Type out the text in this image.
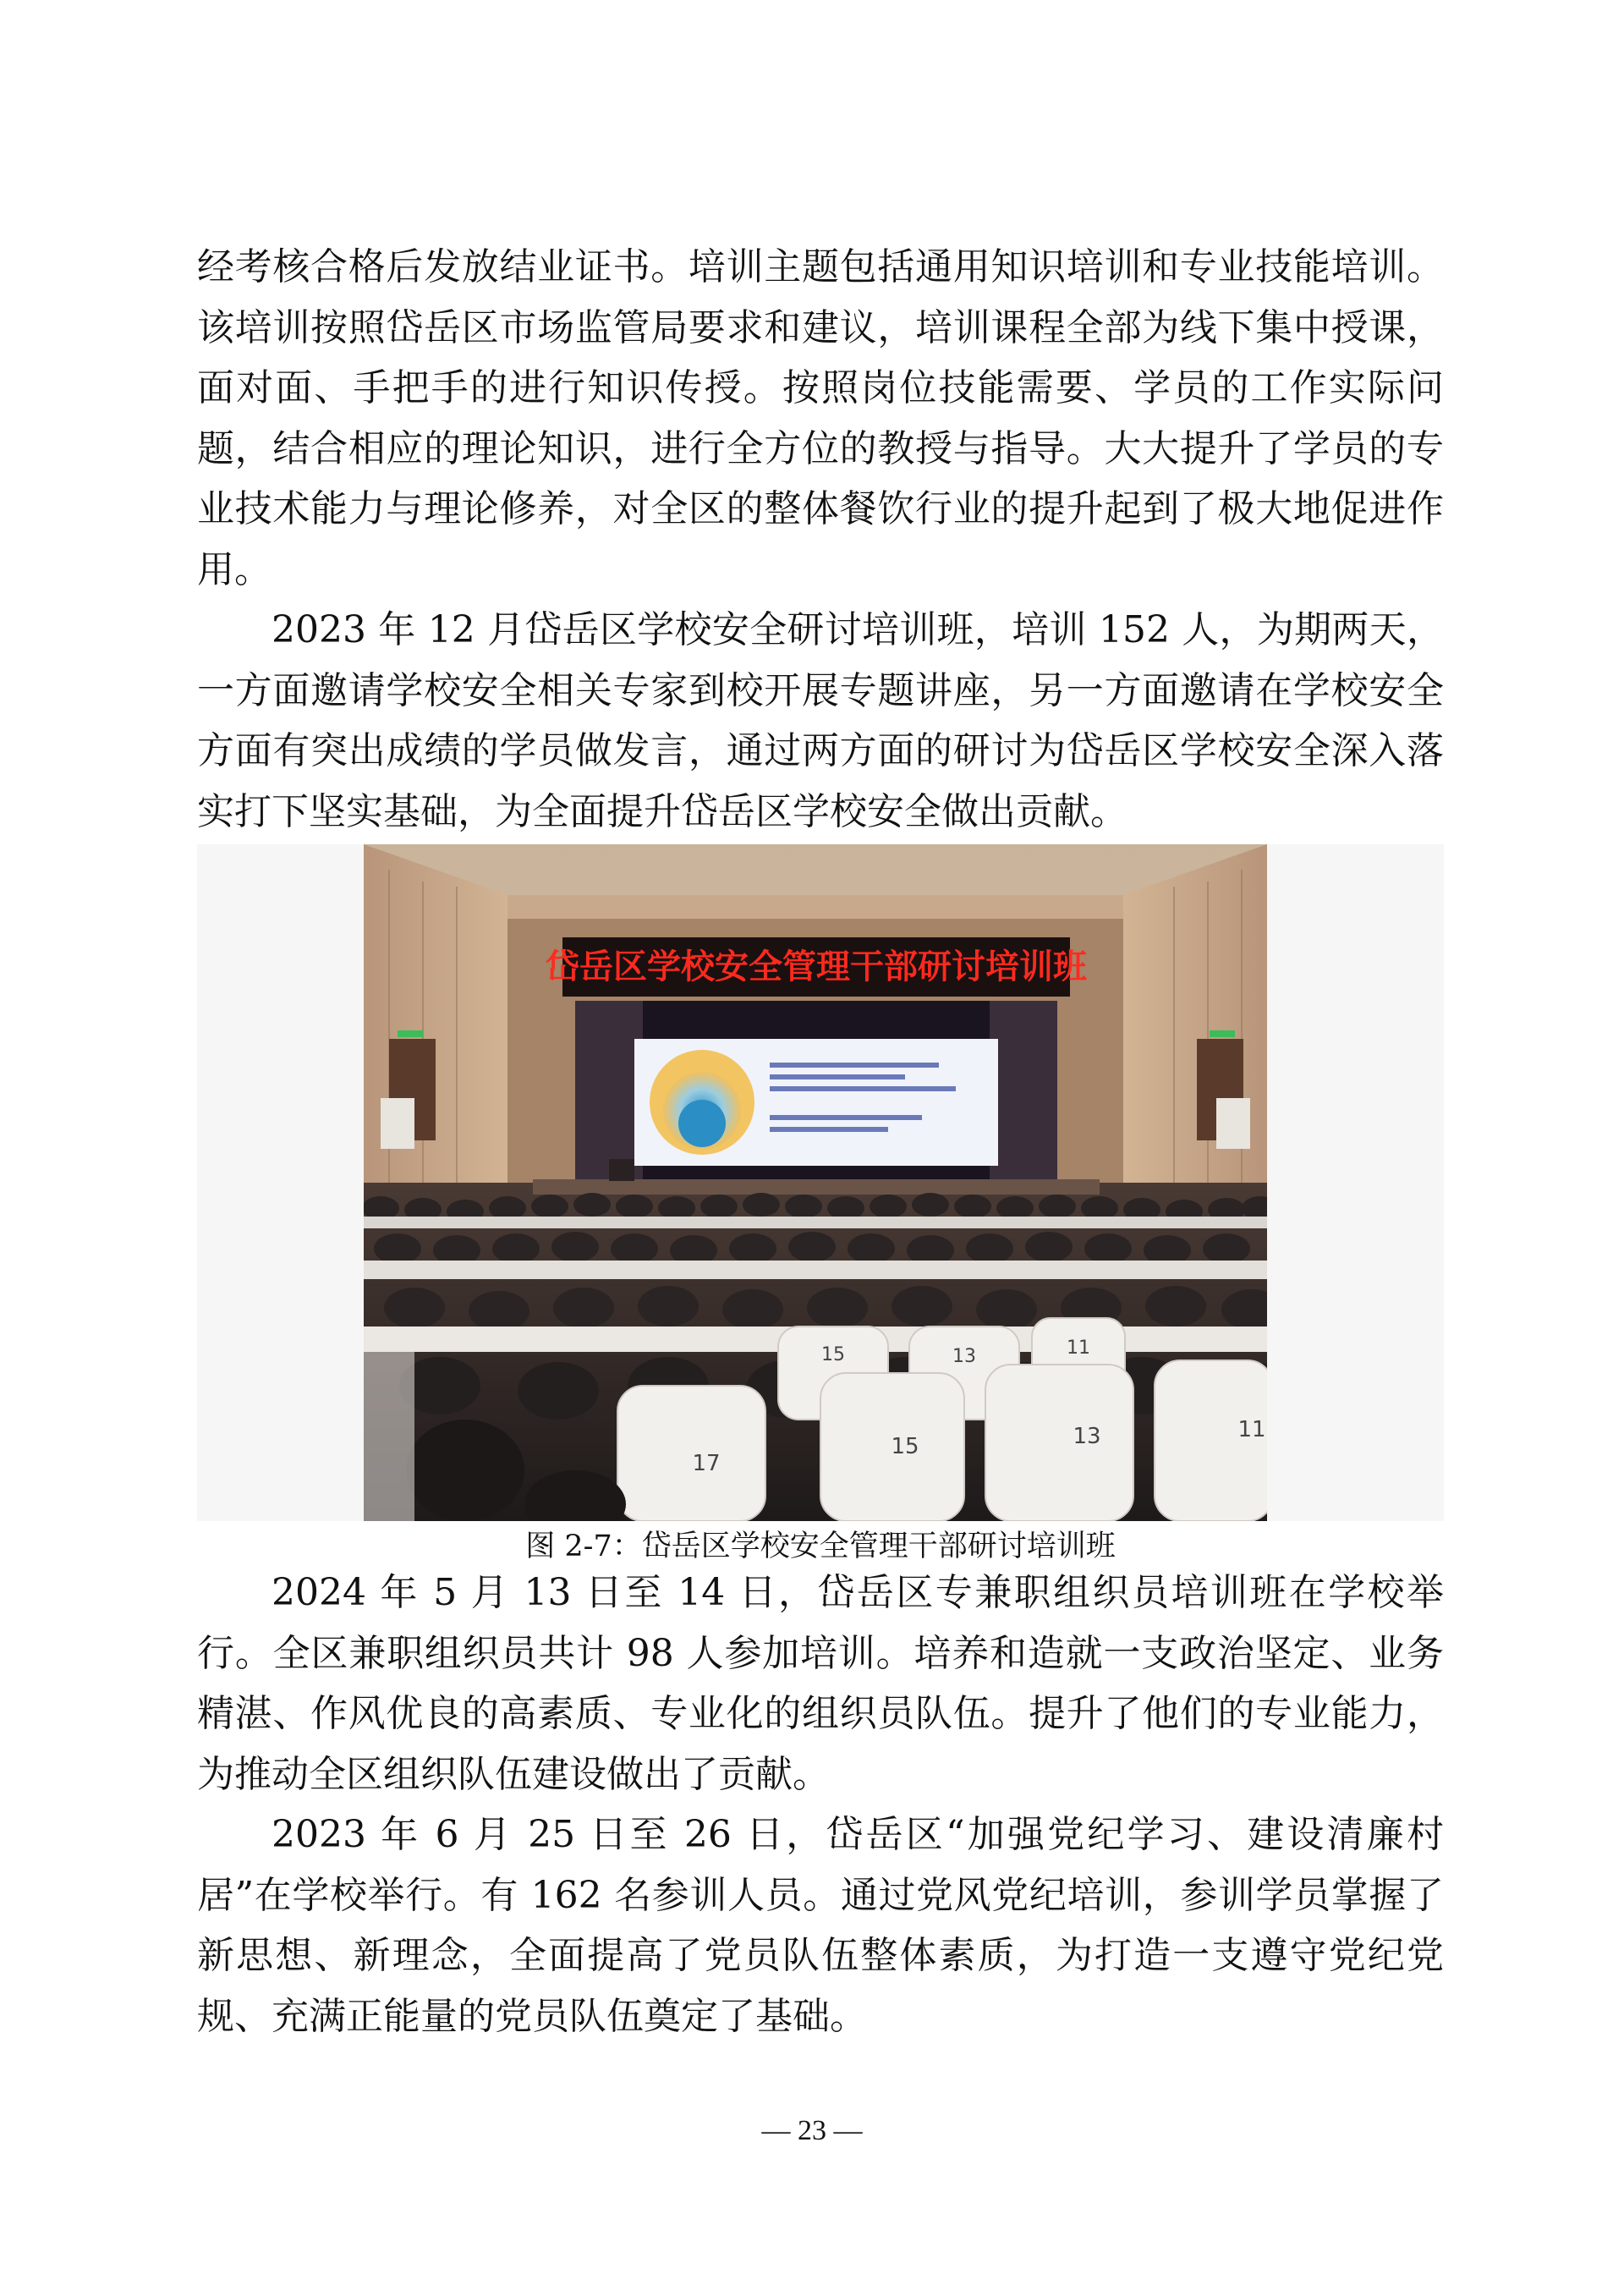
经考核合格后发放结业证书。培训主题包括通用知识培训和专业技能培训。该培训按照岱岳区市场监管局要求和建议，培训课程全部为线下集中授课，面对面、手把手的进行知识传授。按照岗位技能需要、学员的工作实际问题，结合相应的理论知识，进行全方位的教授与指导。大大提升了学员的专业技术能力与理论修养，对全区的整体餐饮行业的提升起到了极大地促进作用。

2023 年 12 月岱岳区学校安全研讨培训班，培训 152 人，为期两天，一方面邀请学校安全相关专家到校开展专题讲座，另一方面邀请在学校安全方面有突出成绩的学员做发言，通过两方面的研讨为岱岳区学校安全深入落实打下坚实基础，为全面提升岱岳区学校安全做出贡献。

岱岳区学校安全管理干部研讨培训班
15	13	11
17
15	13	11
图 2-7：岱岳区学校安全管理干部研讨培训班

2024 年 5 月 13 日至 14 日，岱岳区专兼职组织员培训班在学校举行。全区兼职组织员共计 98 人参加培训。培养和造就一支政治坚定、业务精湛、作风优良的高素质、专业化的组织员队伍。提升了他们的专业能力，为推动全区组织队伍建设做出了贡献。

2023 年 6 月 25 日至 26 日，岱岳区“加强党纪学习、建设清廉村居”在学校举行。有 162 名参训人员。通过党风党纪培训，参训学员掌握了新思想、新理念，全面提高了党员队伍整体素质，为打造一支遵守党纪党规、充满正能量的党员队伍奠定了基础。

— 23 —
